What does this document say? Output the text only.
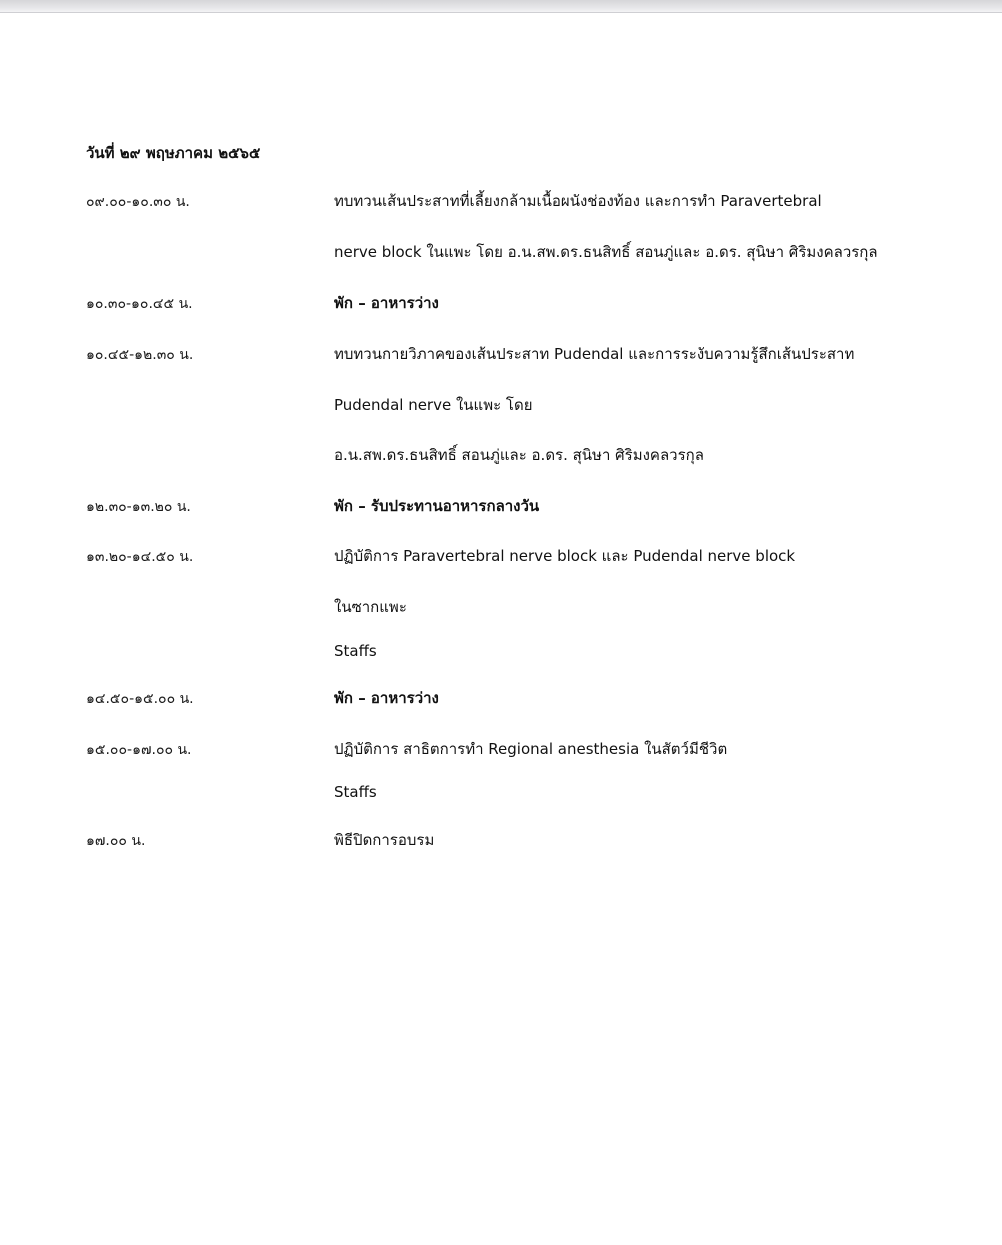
วันที่ ๒๙ พฤษภาคม ๒๕๖๕
๐๙.๐๐-๑๐.๓๐ น.	ทบทวนเส้นประสาทที่เลี้ยงกล้ามเนื้อผนังช่องท้อง และการทำ Paravertebral
nerve block ในแพะ โดย อ.น.สพ.ดร.ธนสิทธิ์ สอนภู่และ อ.ดร. สุนิษา ศิริมงคลวรกุล
๑๐.๓๐-๑๐.๔๕ น.	พัก – อาหารว่าง
๑๐.๔๕-๑๒.๓๐ น.	ทบทวนกายวิภาคของเส้นประสาท Pudendal และการระงับความรู้สึกเส้นประสาท
Pudendal nerve ในแพะ โดย
อ.น.สพ.ดร.ธนสิทธิ์ สอนภู่และ อ.ดร. สุนิษา ศิริมงคลวรกุล
๑๒.๓๐-๑๓.๒๐ น.	พัก – รับประทานอาหารกลางวัน
๑๓.๒๐-๑๔.๕๐ น.	ปฏิบัติการ Paravertebral nerve block และ Pudendal nerve block
ในซากแพะ
Staffs
๑๔.๕๐-๑๕.๐๐ น.	พัก – อาหารว่าง
๑๕.๐๐-๑๗.๐๐ น.	ปฏิบัติการ สาธิตการทำ Regional anesthesia ในสัตว์มีชีวิต
Staffs
๑๗.๐๐ น.	พิธีปิดการอบรม
